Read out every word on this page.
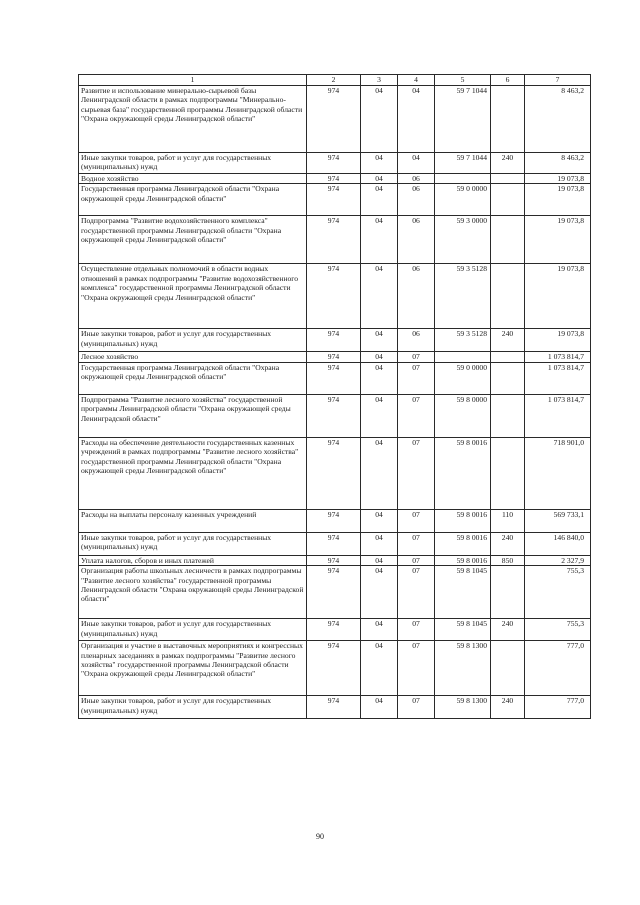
1	2	3	4	5	6	7
Развитие и использование минерально-сырьевой базы Ленинградской области в рамках подпрограммы "Минерально-сырьевая база" государственной программы Ленинградской области "Охрана окружающей среды Ленинградской области"	974	04	04	59 7 1044		8 463,2
Иные закупки товаров, работ и услуг для государственных (муниципальных) нужд	974	04	04	59 7 1044	240	8 463,2
Водное хозяйство	974	04	06			19 073,8
Государственная программа Ленинградской области "Охрана окружающей среды Ленинградской области"	974	04	06	59 0 0000		19 073,8
Подпрограмма "Развитие водохозяйственного комплекса" государственной программы Ленинградской области "Охрана окружающей среды Ленинградской области"	974	04	06	59 3 0000		19 073,8
Осуществление отдельных полномочий в области водных отношений в рамках подпрограммы "Развитие водохозяйственного комплекса" государственной программы Ленинградской области "Охрана окружающей среды Ленинградской области"	974	04	06	59 3 5128		19 073,8
Иные закупки товаров, работ и услуг для государственных (муниципальных) нужд	974	04	06	59 3 5128	240	19 073,8
Лесное хозяйство	974	04	07			1 073 814,7
Государственная программа Ленинградской области "Охрана окружающей среды Ленинградской области"	974	04	07	59 0 0000		1 073 814,7
Подпрограмма "Развитие лесного хозяйства" государственной программы Ленинградской области "Охрана окружающей среды Ленинградской области"	974	04	07	59 8 0000		1 073 814,7
Расходы на обеспечение деятельности государственных казенных учреждений в рамках подпрограммы "Развитие лесного хозяйства" государственной программы Ленинградской области "Охрана окружающей среды Ленинградской области"	974	04	07	59 8 0016		718 901,0
Расходы на выплаты персоналу казенных учреждений	974	04	07	59 8 0016	110	569 733,1
Иные закупки товаров, работ и услуг для государственных (муниципальных) нужд	974	04	07	59 8 0016	240	146 840,0
Уплата налогов, сборов и иных платежей	974	04	07	59 8 0016	850	2 327,9
Организация работы школьных лесничеств в рамках подпрограммы "Развитие лесного хозяйства" государственной программы Ленинградской области "Охрана окружающей среды Ленинградской области"	974	04	07	59 8 1045		755,3
Иные закупки товаров, работ и услуг для государственных (муниципальных) нужд	974	04	07	59 8 1045	240	755,3
Организация и участие в выставочных мероприятиях и конгрессных пленарных заседаниях в рамках подпрограммы "Развитие лесного хозяйства" государственной программы Ленинградской области "Охрана окружающей среды Ленинградской области"	974	04	07	59 8 1300		777,0
Иные закупки товаров, работ и услуг для государственных (муниципальных) нужд	974	04	07	59 8 1300	240	777,0
90
